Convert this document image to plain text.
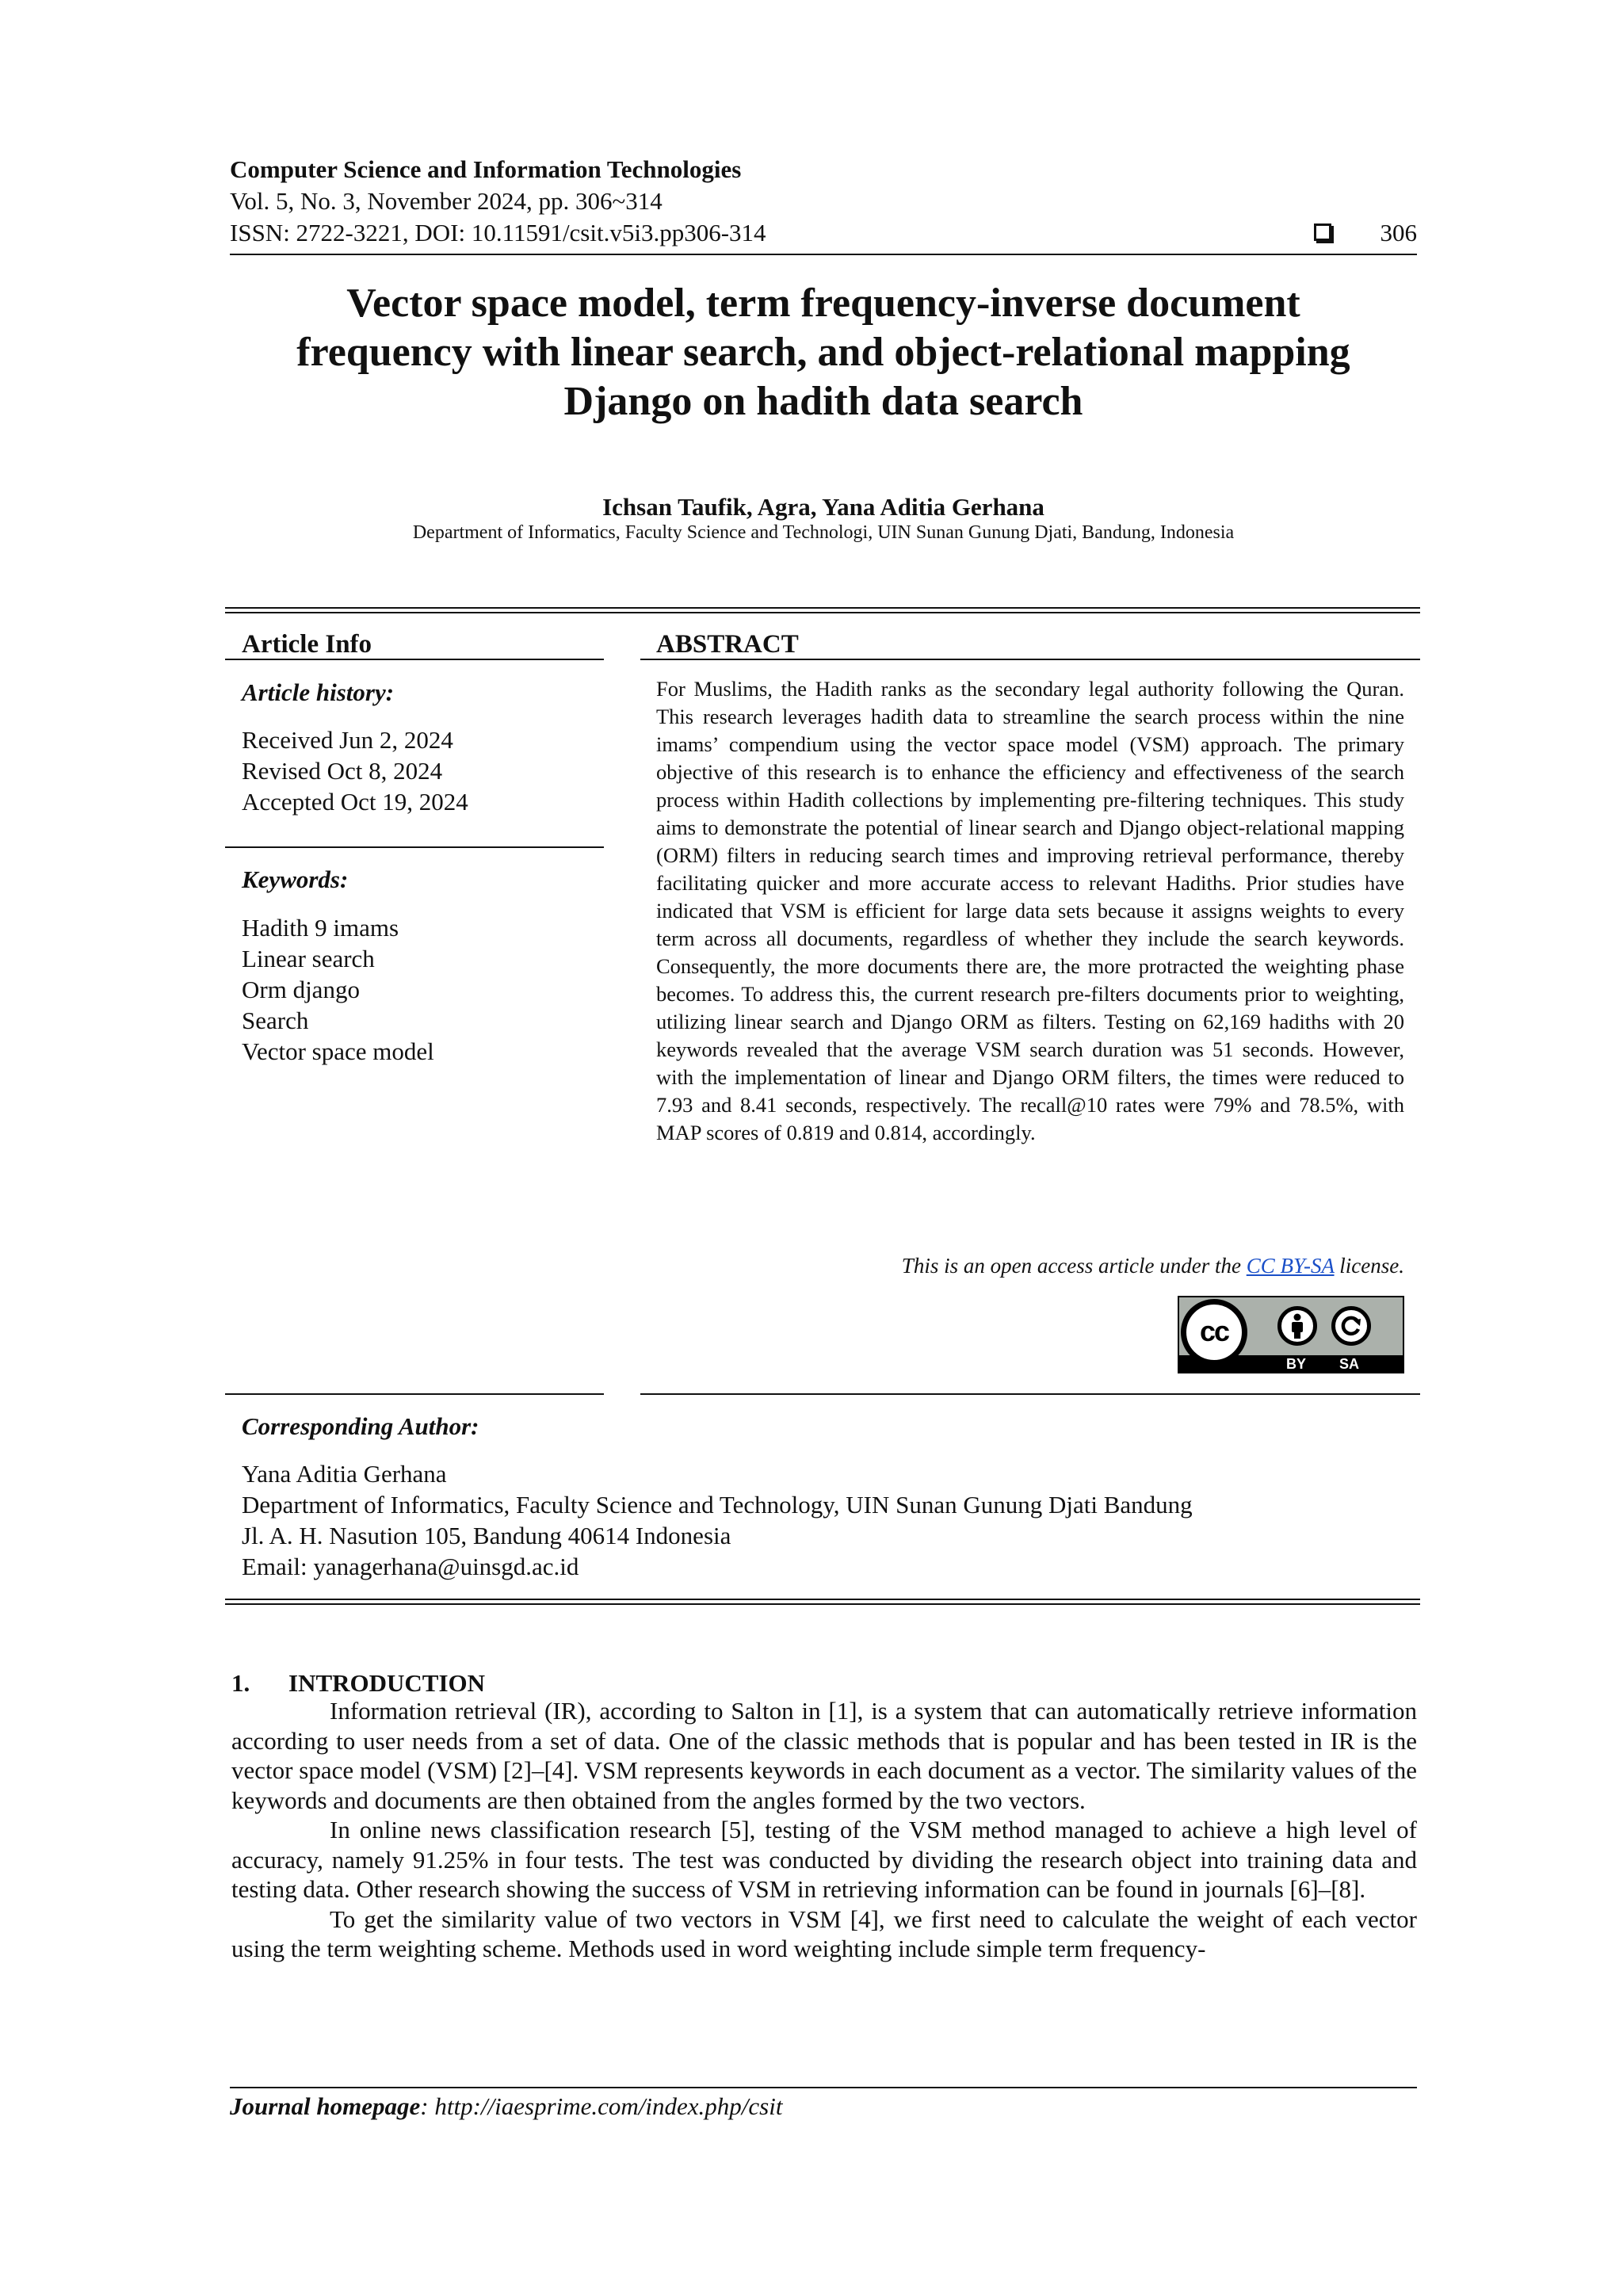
Computer Science and Information Technologies
Vol. 5, No. 3, November 2024, pp. 306~314
ISSN: 2722-3221, DOI: 10.11591/csit.v5i3.pp306-314	306
Vector space model, term frequency-inverse document
frequency with linear search, and object-relational mapping
Django on hadith data search
Ichsan Taufik, Agra, Yana Aditia Gerhana
Department of Informatics, Faculty Science and Technologi, UIN Sunan Gunung Djati, Bandung, Indonesia
Article Info
Article history:
Received Jun 2, 2024
Revised Oct 8, 2024
Accepted Oct 19, 2024
Keywords:
Hadith 9 imams
Linear search
Orm django
Search
Vector space model
ABSTRACT
For Muslims, the Hadith ranks as the secondary legal authority following the Quran. This research leverages hadith data to streamline the search process within the nine imams’ compendium using the vector space model (VSM) approach. The primary objective of this research is to enhance the efficiency and effectiveness of the search process within Hadith collections by implementing pre-filtering techniques. This study aims to demonstrate the potential of linear search and Django object-relational mapping (ORM) filters in reducing search times and improving retrieval performance, thereby facilitating quicker and more accurate access to relevant Hadiths. Prior studies have indicated that VSM is efficient for large data sets because it assigns weights to every term across all documents, regardless of whether they include the search keywords. Consequently, the more documents there are, the more protracted the weighting phase becomes. To address this, the current research pre-filters documents prior to weighting, utilizing linear search and Django ORM as filters. Testing on 62,169 hadiths with 20 keywords revealed that the average VSM search duration was 51 seconds. However, with the implementation of linear and Django ORM filters, the times were reduced to 7.93 and 8.41 seconds, respectively. The recall@10 rates were 79% and 78.5%, with MAP scores of 0.819 and 0.814, accordingly.
This is an open access article under the CC BY-SA license.
cc
BY SA
Corresponding Author:
Yana Aditia Gerhana
Department of Informatics, Faculty Science and Technology, UIN Sunan Gunung Djati Bandung
Jl. A. H. Nasution 105, Bandung 40614 Indonesia
Email: yanagerhana@uinsgd.ac.id
1. INTRODUCTION

Information retrieval (IR), according to Salton in [1], is a system that can automatically retrieve information according to user needs from a set of data. One of the classic methods that is popular and has been tested in IR is the vector space model (VSM) [2]–[4]. VSM represents keywords in each document as a vector. The similarity values of the keywords and documents are then obtained from the angles formed by the two vectors.

In online news classification research [5], testing of the VSM method managed to achieve a high level of accuracy, namely 91.25% in four tests. The test was conducted by dividing the research object into training data and testing data. Other research showing the success of VSM in retrieving information can be found in journals [6]–[8].

To get the similarity value of two vectors in VSM [4], we first need to calculate the weight of each vector using the term weighting scheme. Methods used in word weighting include simple term frequency-

Journal homepage: http://iaesprime.com/index.php/csit
